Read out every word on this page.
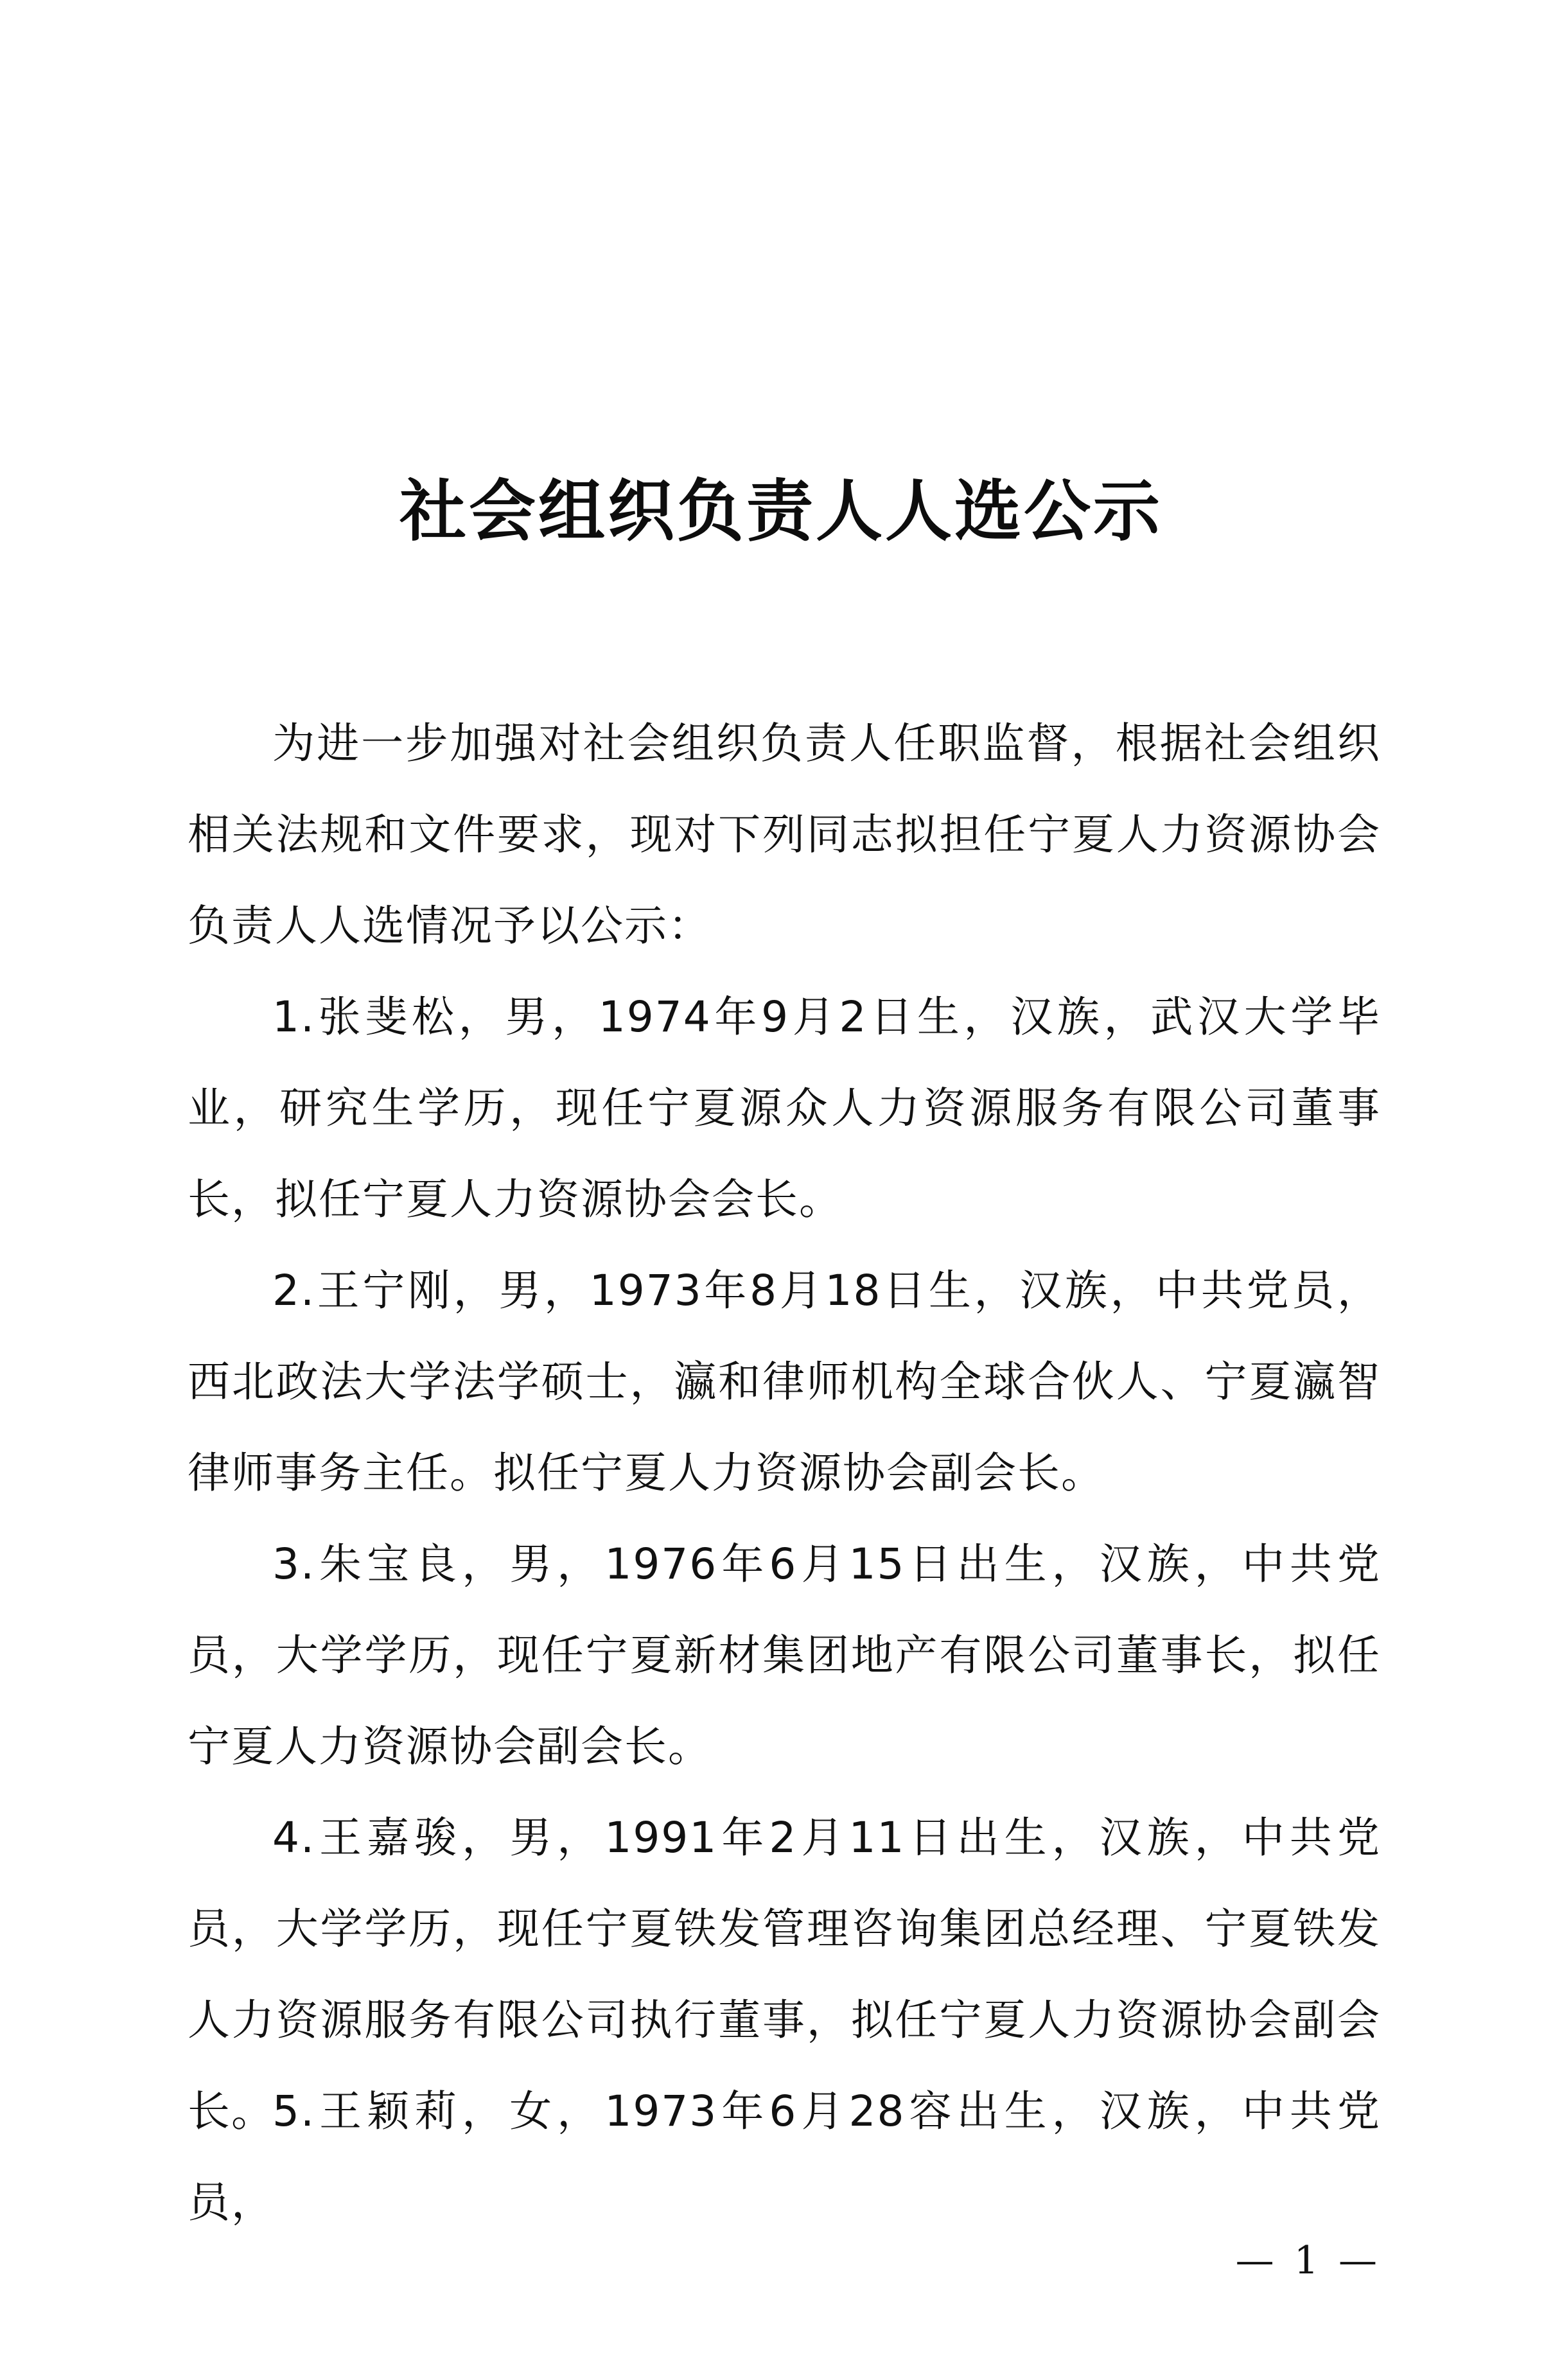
社会组织负责人人选公示

为进一步加强对社会组织负责人任职监督，根据社会组织相关法规和文件要求，现对下列同志拟担任宁夏人力资源协会负责人人选情况予以公示：

1.张斐松，男，1974年9月2日生，汉族，武汉大学毕业，研究生学历，现任宁夏源众人力资源服务有限公司董事长，拟任宁夏人力资源协会会长。

2.王宁刚，男，1973年8月18日生，汉族，中共党员，西北政法大学法学硕士，瀛和律师机构全球合伙人、宁夏瀛智律师事务主任。拟任宁夏人力资源协会副会长。

3.朱宝良，男，1976年6月15日出生，汉族，中共党员，大学学历，现任宁夏新材集团地产有限公司董事长，拟任宁夏人力资源协会副会长。

4.王嘉骏，男，1991年2月11日出生，汉族，中共党员，大学学历，现任宁夏铁发管理咨询集团总经理、宁夏铁发人力资源服务有限公司执行董事，拟任宁夏人力资源协会副会长。

5.王颖莉，女，1973年6月28容出生，汉族，中共党员，

— 1 —
